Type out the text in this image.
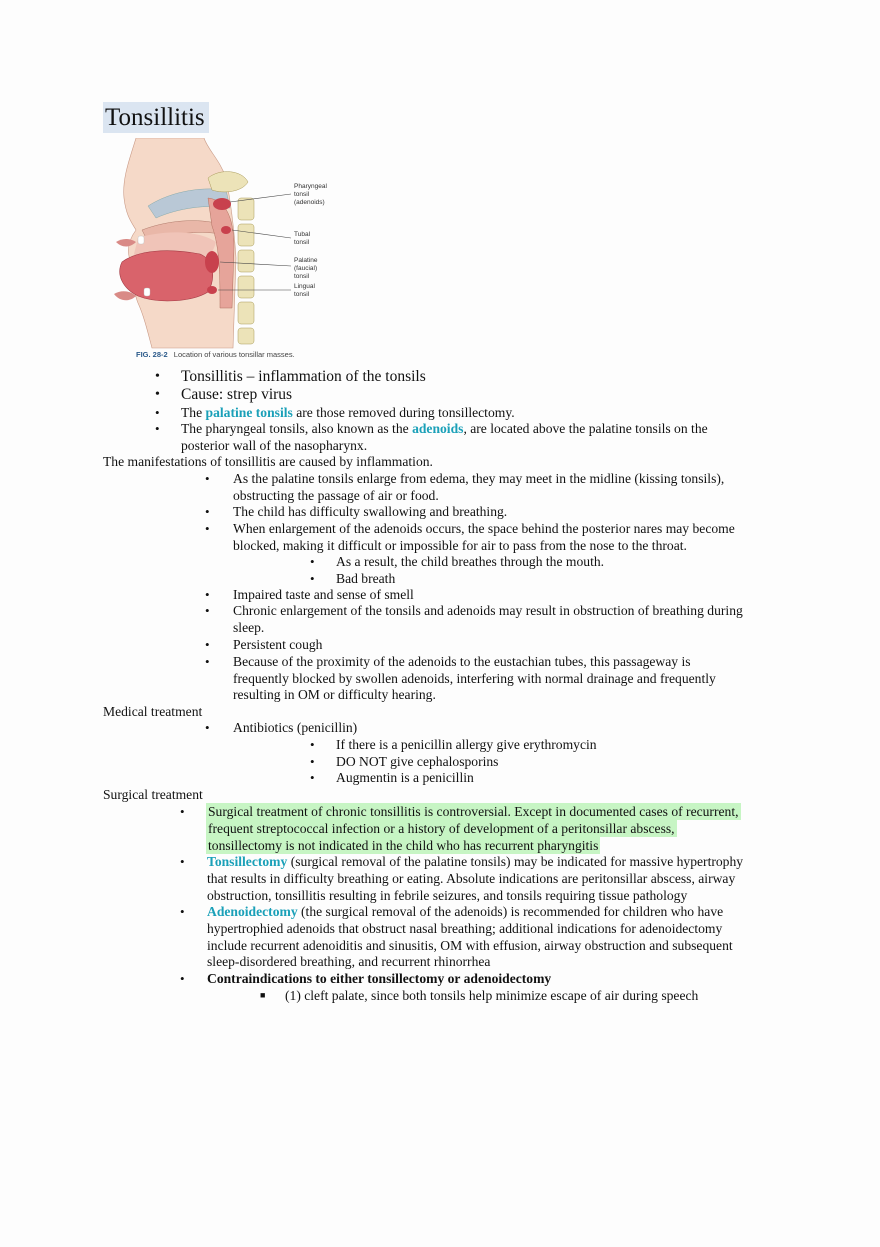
Tonsillitis
Pharyngeal tonsil (adenoids)
Tubal tonsil
Palatine (faucial) tonsil
Lingual tonsil
FIG. 28-2 Location of various tonsillar masses.
• Tonsillitis – inflammation of the tonsils
• Cause: strep virus
• The palatine tonsils are those removed during tonsillectomy.
• The pharyngeal tonsils, also known as the adenoids, are located above the palatine tonsils on the
posterior wall of the nasopharynx.
The manifestations of tonsillitis are caused by inflammation.
• As the palatine tonsils enlarge from edema, they may meet in the midline (kissing tonsils),
obstructing the passage of air or food.
• The child has difficulty swallowing and breathing.
• When enlargement of the adenoids occurs, the space behind the posterior nares may become
blocked, making it difficult or impossible for air to pass from the nose to the throat.
• As a result, the child breathes through the mouth.
• Bad breath
• Impaired taste and sense of smell
• Chronic enlargement of the tonsils and adenoids may result in obstruction of breathing during
sleep.
• Persistent cough
• Because of the proximity of the adenoids to the eustachian tubes, this passageway is
frequently blocked by swollen adenoids, interfering with normal drainage and frequently
resulting in OM or difficulty hearing.
Medical treatment
• Antibiotics (penicillin)
• If there is a penicillin allergy give erythromycin
• DO NOT give cephalosporins
• Augmentin is a penicillin
Surgical treatment
• Surgical treatment of chronic tonsillitis is controversial. Except in documented cases of recurrent,
frequent streptococcal infection or a history of development of a peritonsillar abscess,
tonsillectomy is not indicated in the child who has recurrent pharyngitis
• Tonsillectomy (surgical removal of the palatine tonsils) may be indicated for massive hypertrophy
that results in difficulty breathing or eating. Absolute indications are peritonsillar abscess, airway
obstruction, tonsillitis resulting in febrile seizures, and tonsils requiring tissue pathology
• Adenoidectomy (the surgical removal of the adenoids) is recommended for children who have
hypertrophied adenoids that obstruct nasal breathing; additional indications for adenoidectomy
include recurrent adenoiditis and sinusitis, OM with effusion, airway obstruction and subsequent
sleep-disordered breathing, and recurrent rhinorrhea
• Contraindications to either tonsillectomy or adenoidectomy
■ (1) cleft palate, since both tonsils help minimize escape of air during speech
